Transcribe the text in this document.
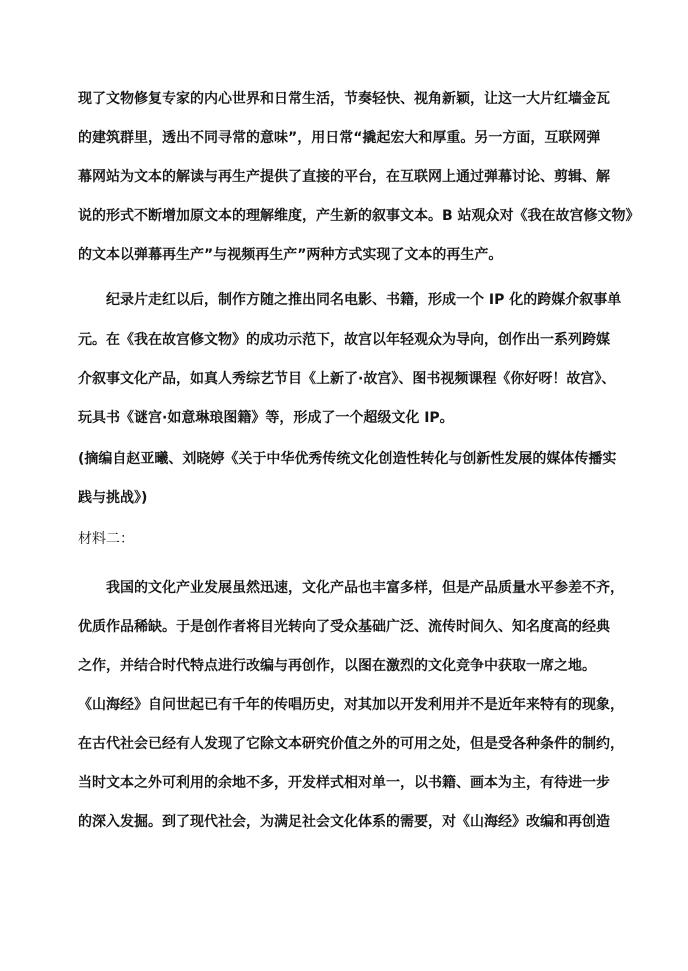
现了文物修复专家的内心世界和日常生活，节奏轻快、视角新颖，让这一大片红墙金瓦
的建筑群里，透出不同寻常的意味”，用日常“撬起宏大和厚重。另一方面，互联网弹
幕网站为文本的解读与再生产提供了直接的平台，在互联网上通过弹幕讨论、剪辑、解
说的形式不断增加原文本的理解维度，产生新的叙事文本。B 站观众对《我在故宫修文物》
的文本以弹幕再生产”与视频再生产”两种方式实现了文本的再生产。
纪录片走红以后，制作方随之推出同名电影、书籍，形成一个 IP 化的跨媒介叙事单
元。在《我在故宫修文物》的成功示范下，故宫以年轻观众为导向，创作出一系列跨媒
介叙事文化产品，如真人秀综艺节目《上新了·故宫》、图书视频课程《你好呀！故宫》、
玩具书《谜宫·如意琳琅图籍》等，形成了一个超级文化 IP。
(摘编自赵亚曦、刘晓婷《关于中华优秀传统文化创造性转化与创新性发展的媒体传播实
践与挑战》)
材料二：
我国的文化产业发展虽然迅速，文化产品也丰富多样，但是产品质量水平参差不齐，
优质作品稀缺。于是创作者将目光转向了受众基础广泛、流传时间久、知名度高的经典
之作，并结合时代特点进行改编与再创作，以图在激烈的文化竞争中获取一席之地。
《山海经》自问世起已有千年的传唱历史，对其加以开发利用并不是近年来特有的现象，
在古代社会已经有人发现了它除文本研究价值之外的可用之处，但是受各种条件的制约，
当时文本之外可利用的余地不多，开发样式相对单一，以书籍、画本为主，有待进一步
的深入发掘。到了现代社会，为满足社会文化体系的需要，对《山海经》改编和再创造
